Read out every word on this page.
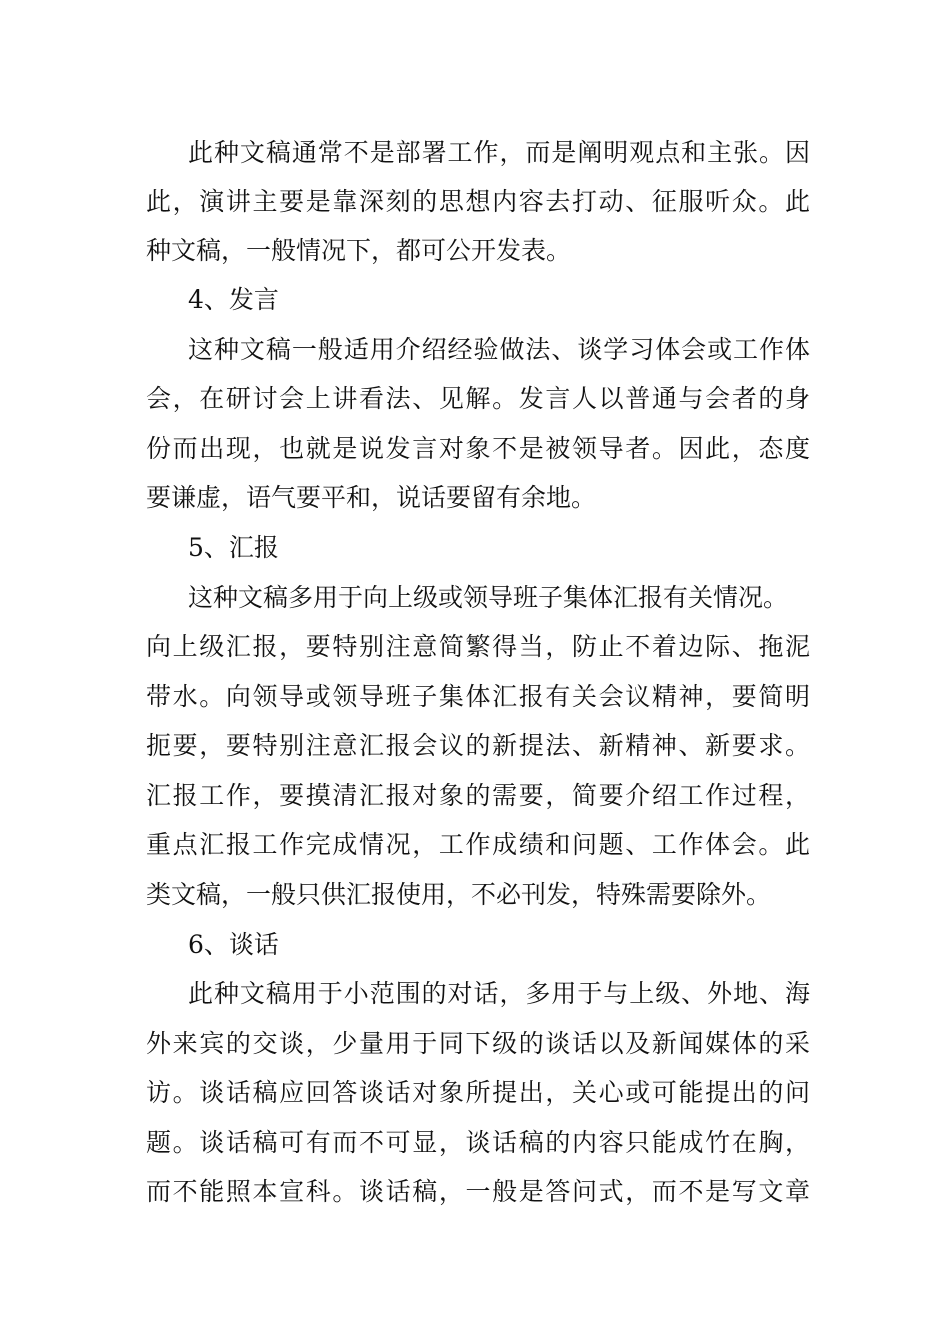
此种文稿通常不是部署工作，而是阐明观点和主张。因
此，演讲主要是靠深刻的思想内容去打动、征服听众。此
种文稿，一般情况下，都可公开发表。
4、发言
这种文稿一般适用介绍经验做法、谈学习体会或工作体
会，在研讨会上讲看法、见解。发言人以普通与会者的身
份而出现，也就是说发言对象不是被领导者。因此，态度
要谦虚，语气要平和，说话要留有余地。
5、汇报
这种文稿多用于向上级或领导班子集体汇报有关情况。
向上级汇报，要特别注意简繁得当，防止不着边际、拖泥
带水。向领导或领导班子集体汇报有关会议精神，要简明
扼要，要特别注意汇报会议的新提法、新精神、新要求。
汇报工作，要摸清汇报对象的需要，简要介绍工作过程，
重点汇报工作完成情况，工作成绩和问题、工作体会。此
类文稿，一般只供汇报使用，不必刊发，特殊需要除外。
6、谈话
此种文稿用于小范围的对话，多用于与上级、外地、海
外来宾的交谈，少量用于同下级的谈话以及新闻媒体的采
访。谈话稿应回答谈话对象所提出，关心或可能提出的问
题。谈话稿可有而不可显，谈话稿的内容只能成竹在胸，
而不能照本宣科。谈话稿，一般是答问式，而不是写文章
